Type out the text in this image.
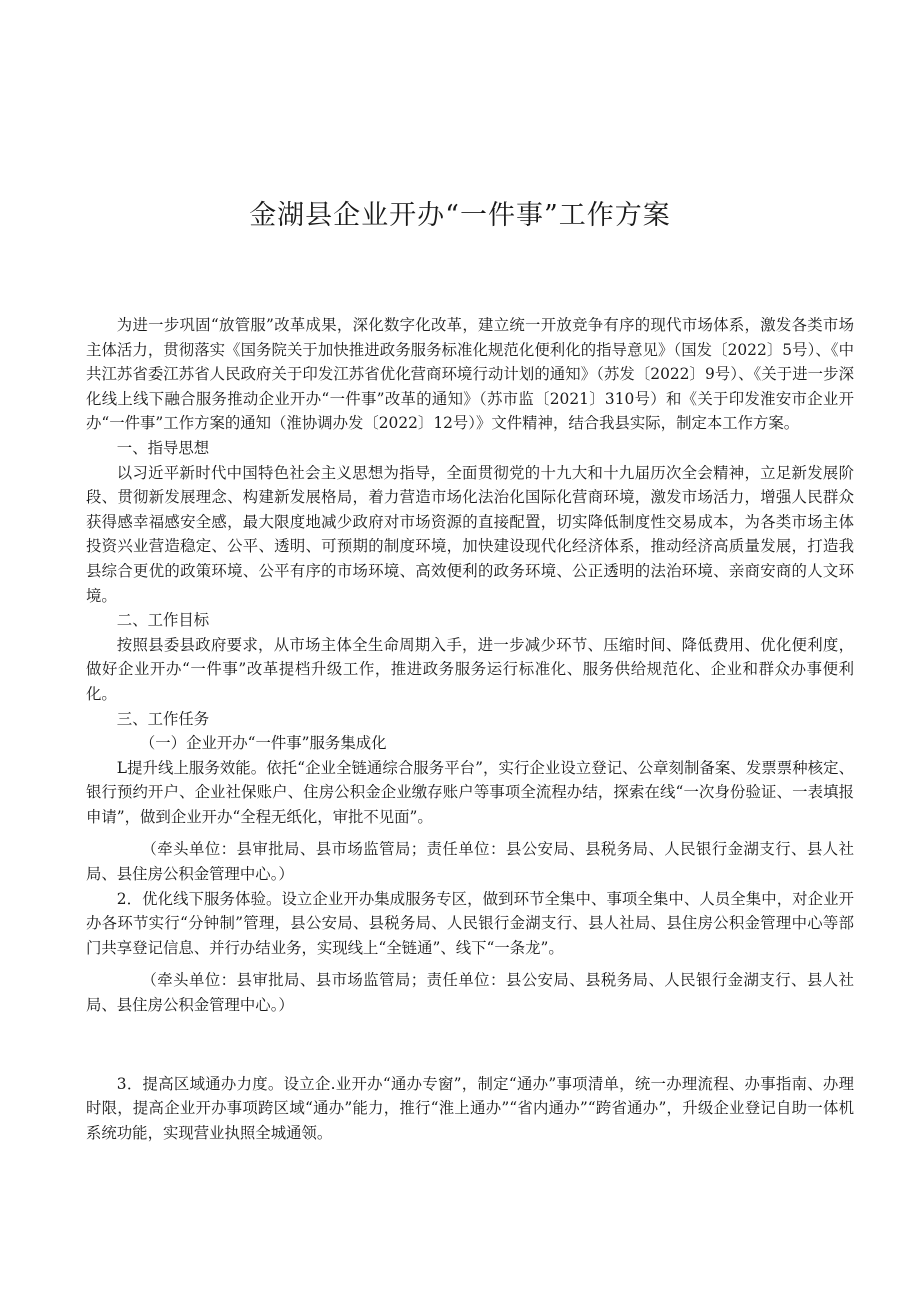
金湖县企业开办“一件事”工作方案

为进一步巩固“放管服”改革成果，深化数字化改革，建立统一开放竞争有序的现代市场体系，激发各类市场主体活力，贯彻落实《国务院关于加快推进政务服务标准化规范化便利化的指导意见》（国发〔2022〕5号）、《中共江苏省委江苏省人民政府关于印发江苏省优化营商环境行动计划的通知》（苏发〔2022〕9号）、《关于进一步深化线上线下融合服务推动企业开办“一件事”改革的通知》（苏市监〔2021〕310号）和《关于印发淮安市企业开办“一件事”工作方案的通知（淮协调办发〔2022〕12号）》文件精神，结合我县实际，制定本工作方案。

一、指导思想

以习近平新时代中国特色社会主义思想为指导，全面贯彻党的十九大和十九届历次全会精神，立足新发展阶段、贯彻新发展理念、构建新发展格局，着力营造市场化法治化国际化营商环境，激发市场活力，增强人民群众获得感幸福感安全感，最大限度地减少政府对市场资源的直接配置，切实降低制度性交易成本，为各类市场主体投资兴业营造稳定、公平、透明、可预期的制度环境，加快建设现代化经济体系，推动经济高质量发展，打造我县综合更优的政策环境、公平有序的市场环境、高效便利的政务环境、公正透明的法治环境、亲商安商的人文环境。

二、工作目标

按照县委县政府要求，从市场主体全生命周期入手，进一步减少环节、压缩时间、降低费用、优化便利度，做好企业开办“一件事”改革提档升级工作，推进政务服务运行标准化、服务供给规范化、企业和群众办事便利化。

三、工作任务

（一）企业开办“一件事”服务集成化

L提升线上服务效能。依托“企业全链通综合服务平台”，实行企业设立登记、公章刻制备案、发票票种核定、银行预约开户、企业社保账户、住房公积金企业缴存账户等事项全流程办结，探索在线“一次身份验证、一表填报申请”，做到企业开办“全程无纸化，审批不见面”。

（牵头单位：县审批局、县市场监管局；责任单位：县公安局、县税务局、人民银行金湖支行、县人社局、县住房公积金管理中心。）

2．优化线下服务体验。设立企业开办集成服务专区，做到环节全集中、事项全集中、人员全集中，对企业开办各环节实行“分钟制”管理，县公安局、县税务局、人民银行金湖支行、县人社局、县住房公积金管理中心等部门共享登记信息、并行办结业务，实现线上“全链通”、线下“一条龙”。

（牵头单位：县审批局、县市场监管局；责任单位：县公安局、县税务局、人民银行金湖支行、县人社局、县住房公积金管理中心。）

3．提高区域通办力度。设立企.业开办“通办专窗”，制定“通办”事项清单，统一办理流程、办事指南、办理时限，提高企业开办事项跨区域“通办”能力，推行“淮上通办”“省内通办”“跨省通办”，升级企业登记自助一体机系统功能，实现营业执照全城通领。
